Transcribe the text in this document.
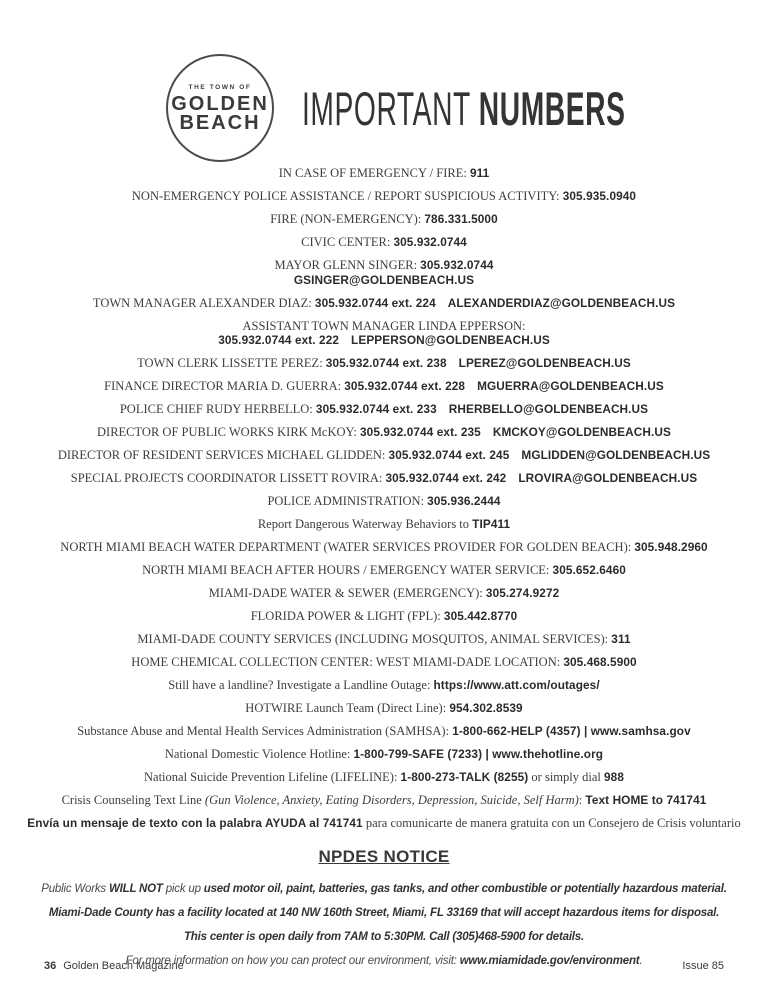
THE TOWN OF
GOLDEN
BEACH IMPORTANT NUMBERS
IN CASE OF EMERGENCY / FIRE: 911
NON-EMERGENCY POLICE ASSISTANCE / REPORT SUSPICIOUS ACTIVITY: 305.935.0940
FIRE (NON-EMERGENCY): 786.331.5000
CIVIC CENTER: 305.932.0744
MAYOR GLENN SINGER: 305.932.0744
GSINGER@GOLDENBEACH.US
TOWN MANAGER ALEXANDER DIAZ: 305.932.0744 ext. 224 ALEXANDERDIAZ@GOLDENBEACH.US
ASSISTANT TOWN MANAGER LINDA EPPERSON:
305.932.0744 ext. 222 LEPPERSON@GOLDENBEACH.US
TOWN CLERK LISSETTE PEREZ: 305.932.0744 ext. 238 LPEREZ@GOLDENBEACH.US
FINANCE DIRECTOR MARIA D. GUERRA: 305.932.0744 ext. 228 MGUERRA@GOLDENBEACH.US
POLICE CHIEF RUDY HERBELLO: 305.932.0744 ext. 233 RHERBELLO@GOLDENBEACH.US
DIRECTOR OF PUBLIC WORKS KIRK McKOY: 305.932.0744 ext. 235 KMCKOY@GOLDENBEACH.US
DIRECTOR OF RESIDENT SERVICES MICHAEL GLIDDEN: 305.932.0744 ext. 245 MGLIDDEN@GOLDENBEACH.US
SPECIAL PROJECTS COORDINATOR LISSETT ROVIRA: 305.932.0744 ext. 242 LROVIRA@GOLDENBEACH.US
POLICE ADMINISTRATION: 305.936.2444
Report Dangerous Waterway Behaviors to TIP411
NORTH MIAMI BEACH WATER DEPARTMENT (WATER SERVICES PROVIDER FOR GOLDEN BEACH): 305.948.2960
NORTH MIAMI BEACH AFTER HOURS / EMERGENCY WATER SERVICE: 305.652.6460
MIAMI-DADE WATER & SEWER (EMERGENCY): 305.274.9272
FLORIDA POWER & LIGHT (FPL): 305.442.8770
MIAMI-DADE COUNTY SERVICES (INCLUDING MOSQUITOS, ANIMAL SERVICES): 311
HOME CHEMICAL COLLECTION CENTER: WEST MIAMI-DADE LOCATION: 305.468.5900
Still have a landline? Investigate a Landline Outage: https://www.att.com/outages/
HOTWIRE Launch Team (Direct Line): 954.302.8539
Substance Abuse and Mental Health Services Administration (SAMHSA): 1-800-662-HELP (4357) | www.samhsa.gov
National Domestic Violence Hotline: 1-800-799-SAFE (7233) | www.thehotline.org
National Suicide Prevention Lifeline (LIFELINE): 1-800-273-TALK (8255) or simply dial 988
Crisis Counseling Text Line (Gun Violence, Anxiety, Eating Disorders, Depression, Suicide, Self Harm): Text HOME to 741741
Envía un mensaje de texto con la palabra AYUDA al 741741 para comunicarte de manera gratuita con un Consejero de Crisis voluntario
NPDES NOTICE
Public Works WILL NOT pick up used motor oil, paint, batteries, gas tanks, and other combustible or potentially hazardous material.
Miami-Dade County has a facility located at 140 NW 160th Street, Miami, FL 33169 that will accept hazardous items for disposal.
This center is open daily from 7AM to 5:30PM. Call (305)468-5900 for details.
For more information on how you can protect our environment, visit: www.miamidade.gov/environment.
36 Golden Beach Magazine	Issue 85
